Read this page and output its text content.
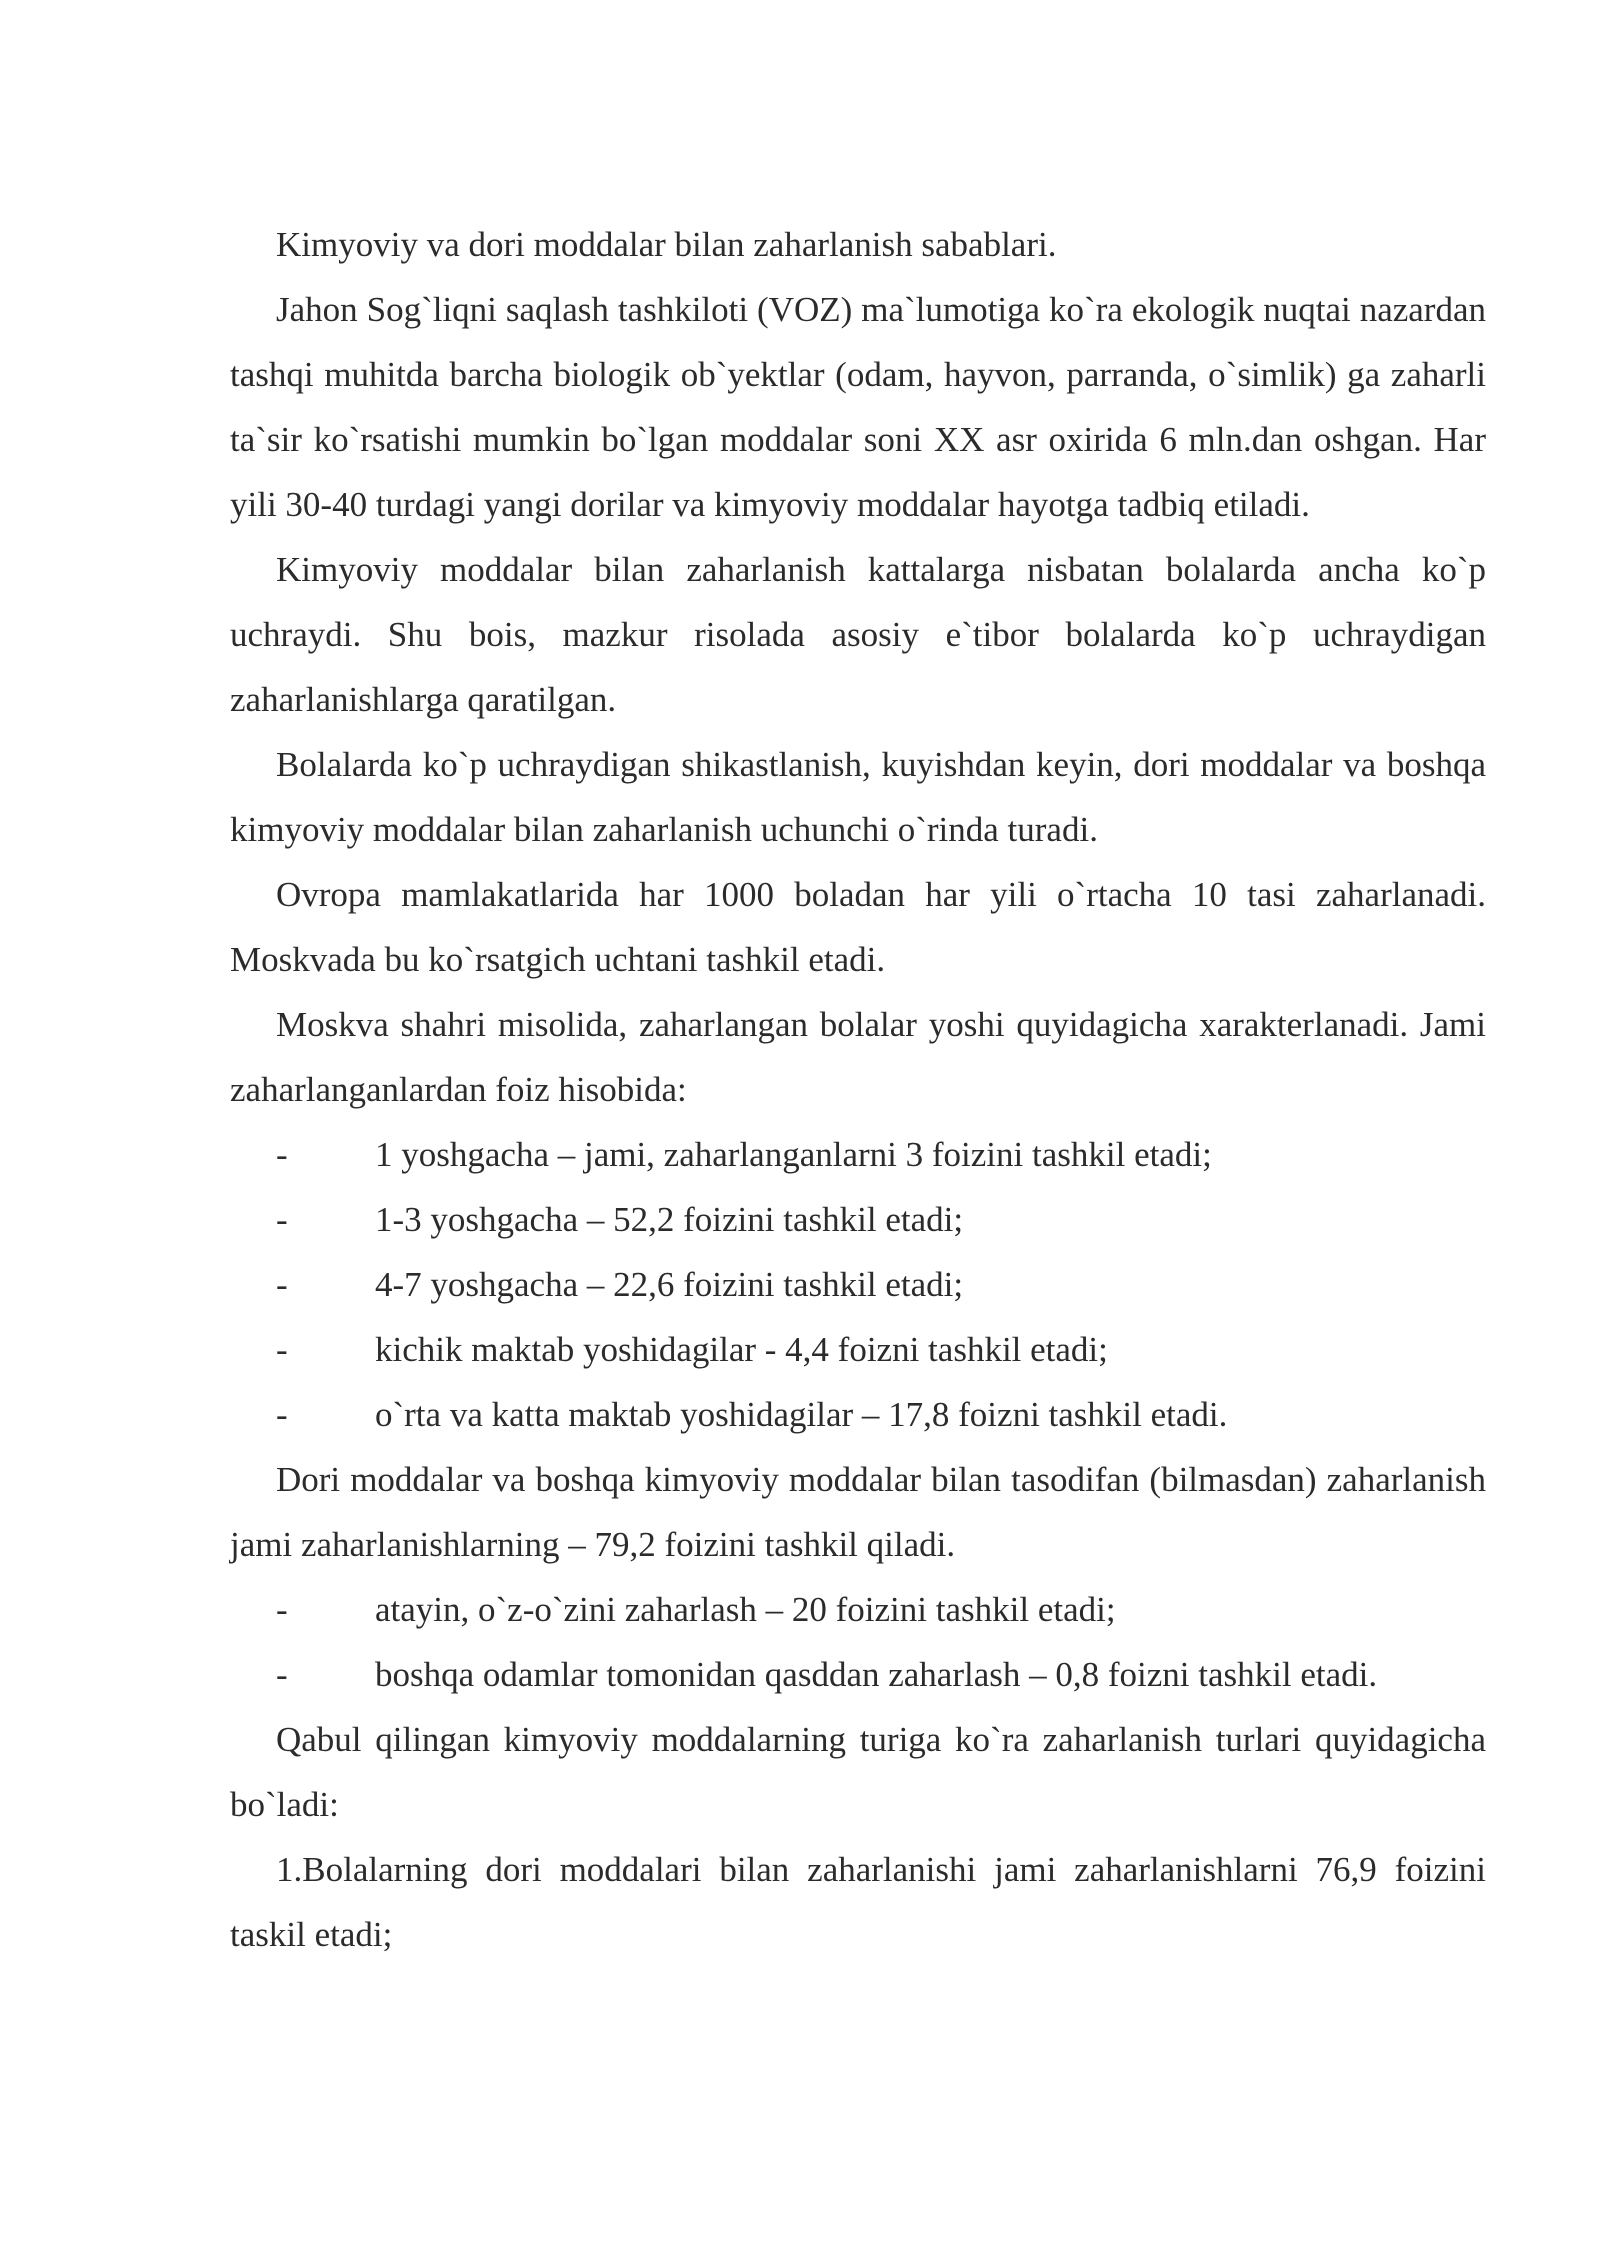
Kimyoviy va dori moddalar bilan zaharlanish sabablari.

Jahon Sog`liqni saqlash tashkiloti (VOZ) ma`lumotiga ko`ra ekologik nuqtai nazardan tashqi muhitda barcha biologik ob`yektlar (odam, hayvon, parranda, o`simlik) ga zaharli ta`sir ko`rsatishi mumkin bo`lgan moddalar soni XX asr oxirida 6 mln.dan oshgan. Har yili 30-40 turdagi yangi dorilar va kimyoviy moddalar hayotga tadbiq etiladi.

Kimyoviy moddalar bilan zaharlanish kattalarga nisbatan bolalarda ancha ko`p uchraydi. Shu bois, mazkur risolada asosiy e`tibor bolalarda ko`p uchraydigan zaharlanishlarga qaratilgan.

Bolalarda ko`p uchraydigan shikastlanish, kuyishdan keyin, dori moddalar va boshqa kimyoviy moddalar bilan zaharlanish uchunchi o`rinda turadi.

Ovropa mamlakatlarida har 1000 boladan har yili o`rtacha 10 tasi zaharlanadi. Moskvada bu ko`rsatgich uchtani tashkil etadi.

Moskva shahri misolida, zaharlangan bolalar yoshi quyidagicha xarakterlanadi. Jami zaharlanganlardan foiz hisobida:

- 1 yoshgacha – jami, zaharlanganlarni 3 foizini tashkil etadi;

- 1-3 yoshgacha – 52,2 foizini tashkil etadi;

- 4-7 yoshgacha – 22,6 foizini tashkil etadi;

- kichik maktab yoshidagilar - 4,4 foizni tashkil etadi;

- o`rta va katta maktab yoshidagilar – 17,8 foizni tashkil etadi.

Dori moddalar va boshqa kimyoviy moddalar bilan tasodifan (bilmasdan) zaharlanish jami zaharlanishlarning – 79,2 foizini tashkil qiladi.

- atayin, o`z-o`zini zaharlash – 20 foizini tashkil etadi;

- boshqa odamlar tomonidan qasddan zaharlash – 0,8 foizni tashkil etadi.

Qabul qilingan kimyoviy moddalarning turiga ko`ra zaharlanish turlari quyidagicha bo`ladi:

1.Bolalarning dori moddalari bilan zaharlanishi jami zaharlanishlarni 76,9 foizini taskil etadi;
